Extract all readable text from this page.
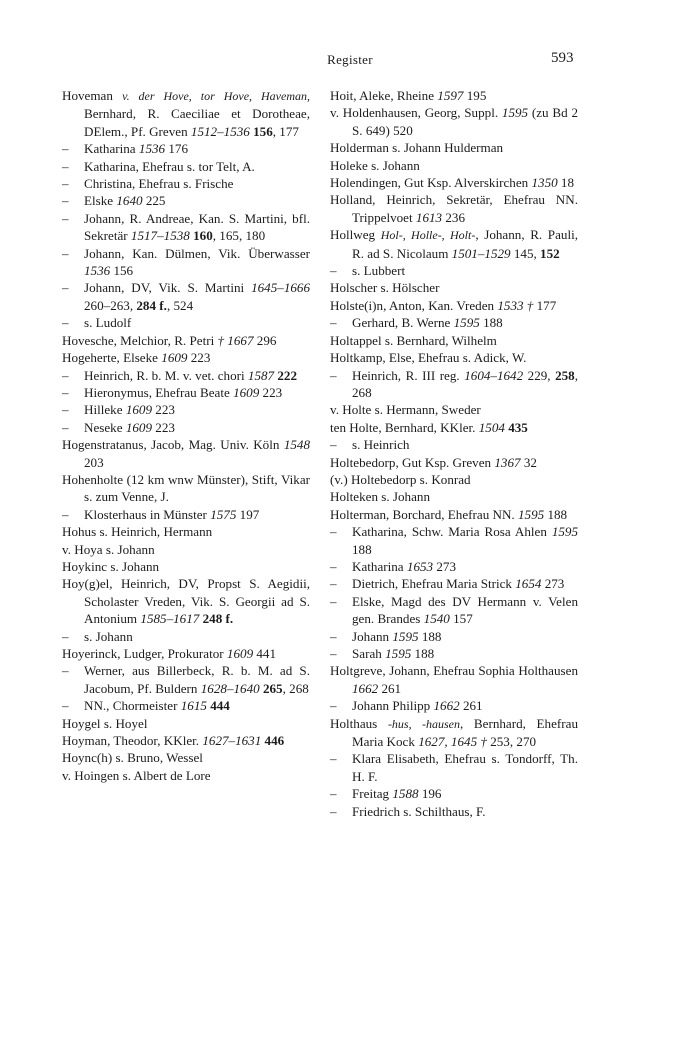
Register	593

Hoveman v. der Hove, tor Hove, Haveman, Bernhard, R. Caeciliae et Dorotheae, DElem., Pf. Greven 1512–1536 156, 177

– Katharina 1536 176

– Katharina, Ehefrau s. tor Telt, A.

– Christina, Ehefrau s. Frische

– Elske 1640 225

– Johann, R. Andreae, Kan. S. Martini, bfl. Sekretär 1517–1538 160, 165, 180

– Johann, Kan. Dülmen, Vik. Überwasser 1536 156

– Johann, DV, Vik. S. Martini 1645–1666 260–263, 284 f., 524

– s. Ludolf

Hovesche, Melchior, R. Petri † 1667 296

Hogeherte, Elseke 1609 223

– Heinrich, R. b. M. v. vet. chori 1587 222

– Hieronymus, Ehefrau Beate 1609 223

– Hilleke 1609 223

– Neseke 1609 223

Hogenstratanus, Jacob, Mag. Univ. Köln 1548 203

Hohenholte (12 km wnw Münster), Stift, Vikar s. zum Venne, J.

– Klosterhaus in Münster 1575 197

Hohus s. Heinrich, Hermann

v. Hoya s. Johann

Hoykinc s. Johann

Hoy(g)el, Heinrich, DV, Propst S. Aegidii, Scholaster Vreden, Vik. S. Georgii ad S. Antonium 1585–1617 248 f.

– s. Johann

Hoyerinck, Ludger, Prokurator 1609 441

– Werner, aus Billerbeck, R. b. M. ad S. Jacobum, Pf. Buldern 1628–1640 265, 268

– NN., Chormeister 1615 444

Hoygel s. Hoyel

Hoyman, Theodor, KKler. 1627–1631 446

Hoync(h) s. Bruno, Wessel

v. Hoingen s. Albert de Lore

Hoit, Aleke, Rheine 1597 195

v. Holdenhausen, Georg, Suppl. 1595 (zu Bd 2 S. 649) 520

Holderman s. Johann Hulderman

Holeke s. Johann

Holendingen, Gut Ksp. Alverskirchen 1350 18

Holland, Heinrich, Sekretär, Ehefrau NN. Trippelvoet 1613 236

Hollweg Hol-, Holle-, Holt-, Johann, R. Pauli, R. ad S. Nicolaum 1501–1529 145, 152

– s. Lubbert

Holscher s. Hölscher

Holste(i)n, Anton, Kan. Vreden 1533 † 177

– Gerhard, B. Werne 1595 188

Holtappel s. Bernhard, Wilhelm

Holtkamp, Else, Ehefrau s. Adick, W.

– Heinrich, R. III reg. 1604–1642 229, 258, 268

v. Holte s. Hermann, Sweder

ten Holte, Bernhard, KKler. 1504 435

– s. Heinrich

Holtebedorp, Gut Ksp. Greven 1367 32

(v.) Holtebedorp s. Konrad

Holteken s. Johann

Holterman, Borchard, Ehefrau NN. 1595 188

– Katharina, Schw. Maria Rosa Ahlen 1595 188

– Katharina 1653 273

– Dietrich, Ehefrau Maria Strick 1654 273

– Elske, Magd des DV Hermann v. Velen gen. Brandes 1540 157

– Johann 1595 188

– Sarah 1595 188

Holtgreve, Johann, Ehefrau Sophia Holthausen 1662 261

– Johann Philipp 1662 261

Holthaus -hus, -hausen, Bernhard, Ehefrau Maria Kock 1627, 1645 † 253, 270

– Klara Elisabeth, Ehefrau s. Tondorff, Th. H. F.

– Freitag 1588 196

– Friedrich s. Schilthaus, F.
